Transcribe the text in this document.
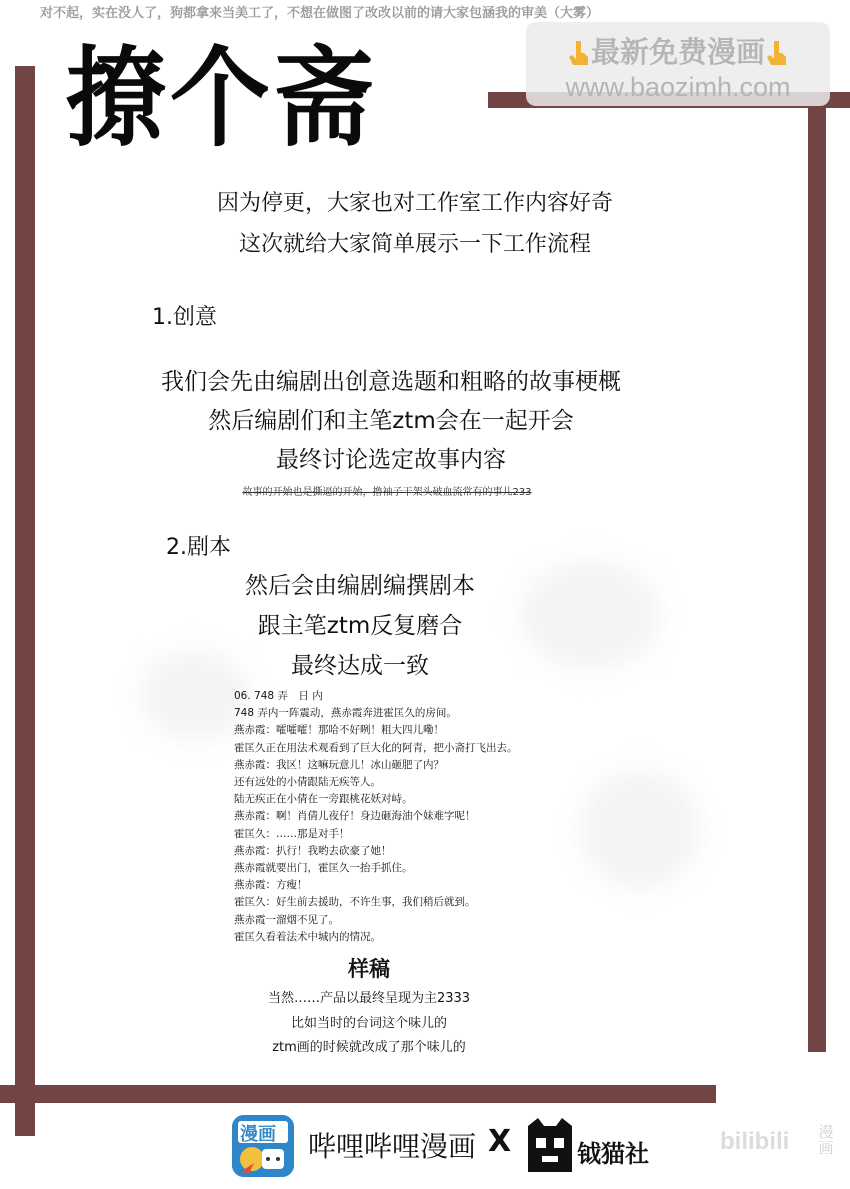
对不起，实在没人了，狗都拿来当美工了，不想在做图了改改以前的请大家包涵我的审美（大雾）
最新免费漫画
www.baozimh.com
撩个斋
因为停更，大家也对工作室工作内容好奇
这次就给大家简单展示一下工作流程
1.创意
我们会先由编剧出创意选题和粗略的故事梗概
然后编剧们和主笔ztm会在一起开会
最终讨论选定故事内容
故事的开始也是撕逼的开始，撸袖子干架头破血流常有的事儿233
2.剧本
然后会由编剧编撰剧本
跟主笔ztm反复磨合
最终达成一致
06. 748 弄　日 内
748 弄内一阵震动，燕赤霞奔进霍匡久的房间。
燕赤霞：嚯嚯嚯！那哈不好咧！粗大四儿嘞！
霍匡久正在用法术观看到了巨大化的阿青，把小斋打飞出去。
燕赤霞：我区！这嘛玩意儿！冰山砸肥了内？
还有远处的小倩跟陆无疾等人。
陆无疾正在小倩在一旁跟桃花妖对峙。
燕赤霞：啊！肖倩儿夜仔！身边砸海油个妹难字呢！
霍匡久：……那是对手！
燕赤霞：扒行！我哟去砍豪了她！
燕赤霞就要出门，霍匡久一抬手抓住。
燕赤霞：方瘦！
霍匡久：好生前去援助，不许生事，我们稍后就到。
燕赤霞一溜烟不见了。
霍匡久看着法术中城内的情况。
样稿
当然……产品以最终呈现为主2333
比如当时的台词这个味儿的
ztm画的时候就改成了那个味儿的
漫画 哔哩哔哩漫画 X	钺猫社	bilibili 漫画
